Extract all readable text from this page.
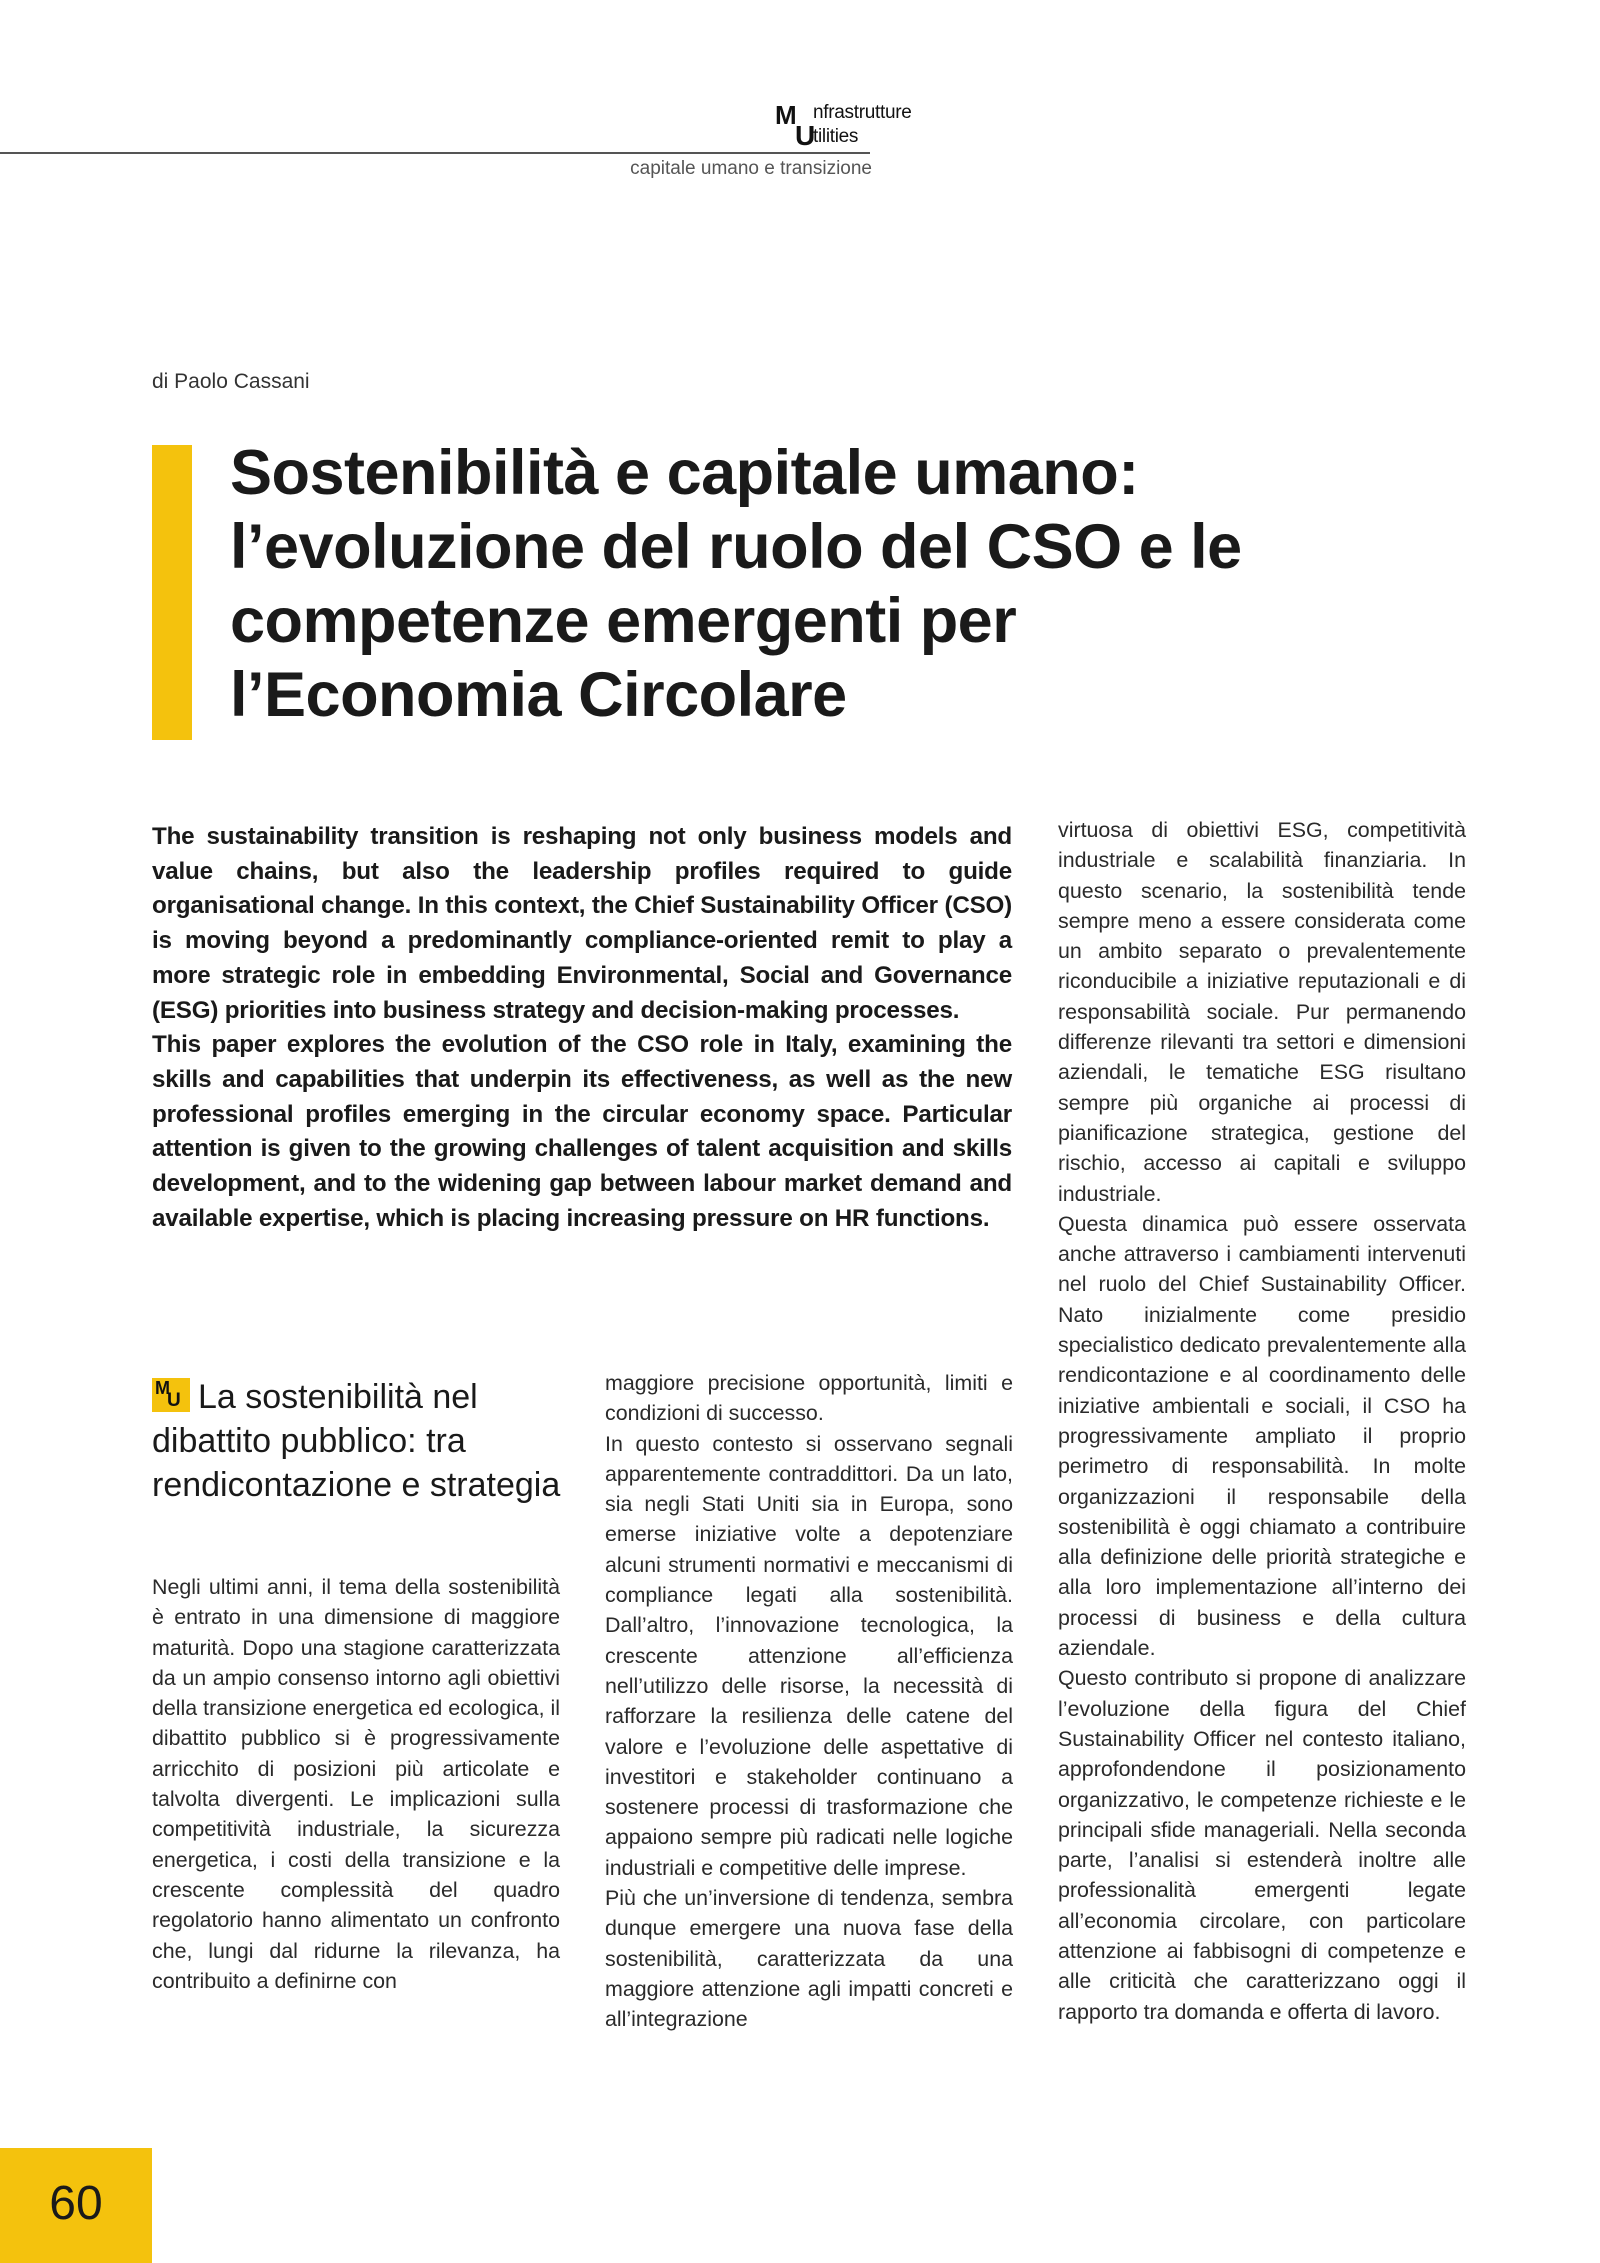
M
U
nfrastrutture
tilities
capitale umano e transizione
di Paolo Cassani
Sostenibilità e capitale umano: l’evoluzione del ruolo del CSO e le competenze emergenti per l’Economia Circolare

The sustainability transition is reshaping not only business models and value chains, but also the leadership profiles required to guide organisational change. In this context, the Chief Sustainability Officer (CSO) is moving beyond a predominantly compliance-oriented remit to play a more strategic role in embedding Environmental, Social and Governance (ESG) priorities into business strategy and decision-making processes.

This paper explores the evolution of the CSO role in Italy, examining the skills and capabilities that underpin its effectiveness, as well as the new professional profiles emerging in the circular economy space. Particular attention is given to the growing challenges of talent acquisition and skills development, and to the widening gap between labour market demand and available expertise, which is placing increasing pressure on HR functions.

M
U La sostenibilità nel dibattito pubblico: tra rendicontazione e strategia

Negli ultimi anni, il tema della sostenibilità è entrato in una dimensione di maggiore maturità. Dopo una stagione caratterizzata da un ampio consenso intorno agli obiettivi della transizione energetica ed ecologica, il dibattito pubblico si è progressivamente arricchito di posizioni più articolate e talvolta divergenti. Le implicazioni sulla competitività industriale, la sicurezza energetica, i costi della transizione e la crescente complessità del quadro regolatorio hanno alimentato un confronto che, lungi dal ridurne la rilevanza, ha contribuito a definirne con

maggiore precisione opportunità, limiti e condizioni di successo.

In questo contesto si osservano segnali apparentemente contraddittori. Da un lato, sia negli Stati Uniti sia in Europa, sono emerse iniziative volte a depotenziare alcuni strumenti normativi e meccanismi di compliance legati alla sostenibilità. Dall’altro, l’innovazione tecnologica, la crescente attenzione all’efficienza nell’utilizzo delle risorse, la necessità di rafforzare la resilienza delle catene del valore e l’evoluzione delle aspettative di investitori e stakeholder continuano a sostenere processi di trasformazione che appaiono sempre più radicati nelle logiche industriali e competitive delle imprese.

Più che un’inversione di tendenza, sembra dunque emergere una nuova fase della sostenibilità, caratterizzata da una maggiore attenzione agli impatti concreti e all’integrazione

virtuosa di obiettivi ESG, competitività industriale e scalabilità finanziaria. In questo scenario, la sostenibilità tende sempre meno a essere considerata come un ambito separato o prevalentemente riconducibile a iniziative reputazionali e di responsabilità sociale. Pur permanendo differenze rilevanti tra settori e dimensioni aziendali, le tematiche ESG risultano sempre più organiche ai processi di pianificazione strategica, gestione del rischio, accesso ai capitali e sviluppo industriale.

Questa dinamica può essere osservata anche attraverso i cambiamenti intervenuti nel ruolo del Chief Sustainability Officer. Nato inizialmente come presidio specialistico dedicato prevalentemente alla rendicontazione e al coordinamento delle iniziative ambientali e sociali, il CSO ha progressivamente ampliato il proprio perimetro di responsabilità. In molte organizzazioni il responsabile della sostenibilità è oggi chiamato a contribuire alla definizione delle priorità strategiche e alla loro implementazione all’interno dei processi di business e della cultura aziendale.

Questo contributo si propone di analizzare l’evoluzione della figura del Chief Sustainability Officer nel contesto italiano, approfondendone il posizionamento organizzativo, le competenze richieste e le principali sfide manageriali. Nella seconda parte, l’analisi si estenderà inoltre alle professionalità emergenti legate all’economia circolare, con particolare attenzione ai fabbisogni di competenze e alle criticità che caratterizzano oggi il rapporto tra domanda e offerta di lavoro.

60
